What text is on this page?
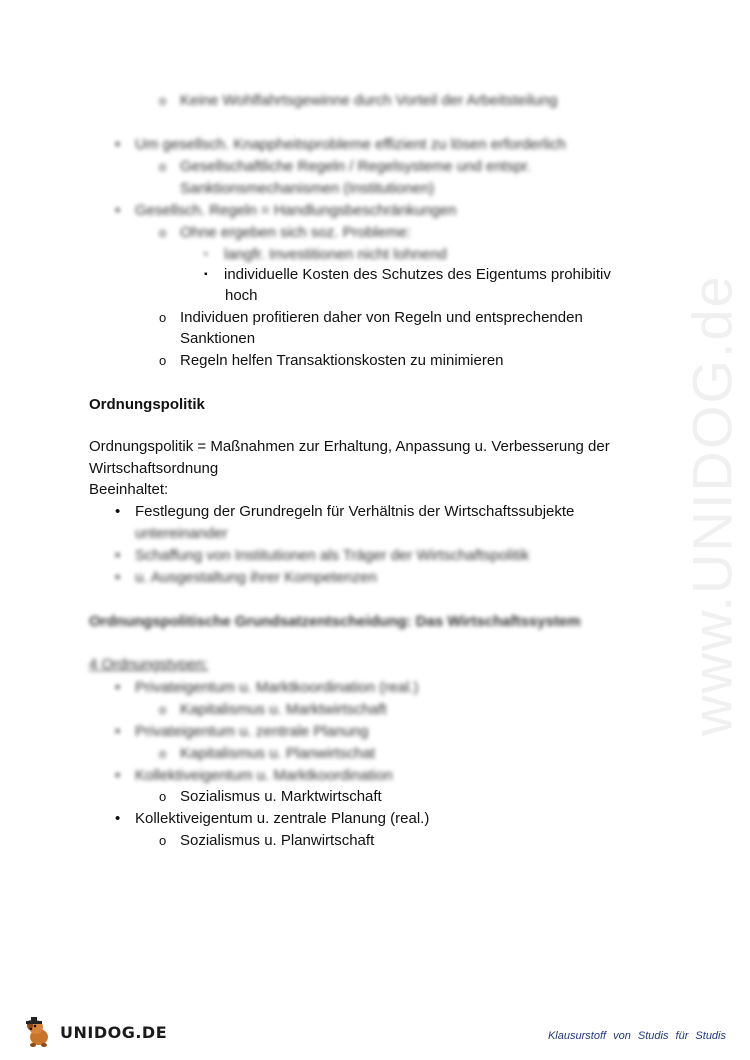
o Keine Wohlfahrtsgewinne durch Vorteil der Arbeitsteilung
• Um gesellsch. Knappheitsprobleme effizient zu lösen erforderlich
o Gesellschaftliche Regeln / Regelsysteme und entspr.
Sanktionsmechanismen (Institutionen)
• Gesellsch. Regeln = Handlungsbeschränkungen
o Ohne ergeben sich soz. Probleme:
▪ langfr. Investitionen nicht lohnend
▪ individuelle Kosten des Schutzes des Eigentums prohibitiv
hoch
o Individuen profitieren daher von Regeln und entsprechenden
Sanktionen
o Regeln helfen Transaktionskosten zu minimieren
Ordnungspolitik
Ordnungspolitik = Maßnahmen zur Erhaltung, Anpassung u. Verbesserung der
Wirtschaftsordnung
Beeinhaltet:
• Festlegung der Grundregeln für Verhältnis der Wirtschaftssubjekte
untereinander
• Schaffung von Institutionen als Träger der Wirtschaftspolitik
• u. Ausgestaltung ihrer Kompetenzen
Ordnungspolitische Grundsatzentscheidung: Das Wirtschaftssystem
4 Ordnungstypen:
• Privateigentum u. Marktkoordination (real.)
o Kapitalismus u. Marktwirtschaft
• Privateigentum u. zentrale Planung
o Kapitalismus u. Planwirtschat
• Kollektiveigentum u. Marktkoordination
o Sozialismus u. Marktwirtschaft
• Kollektiveigentum u. zentrale Planung (real.)
o Sozialismus u. Planwirtschaft
www.UNIDOG.de
UNIDOG.DE	Klausurstoff von Studis für Studis
